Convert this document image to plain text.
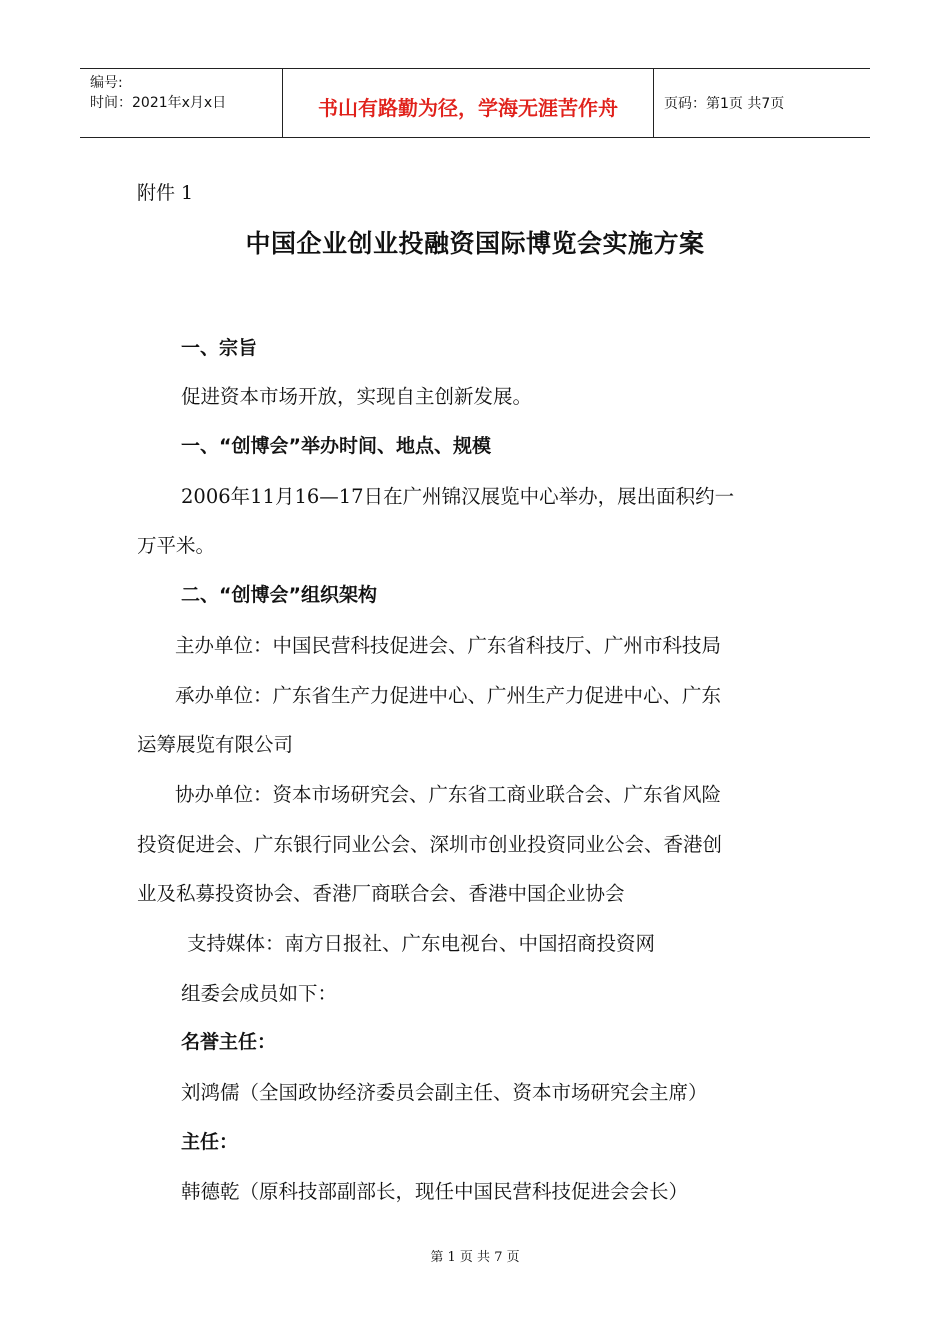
编号:
时间：2021年x月x日	书山有路勤为径，学海无涯苦作舟	页码：第1页 共7页
附件 1
中国企业创业投融资国际博览会实施方案
一、宗旨
促进资本市场开放，实现自主创新发展。
一、“创博会”举办时间、地点、规模
2006年11月16—17日在广州锦汉展览中心举办，展出面积约一
万平米。
二、“创博会”组织架构
主办单位：中国民营科技促进会、广东省科技厅、广州市科技局
承办单位：广东省生产力促进中心、广州生产力促进中心、广东
运筹展览有限公司
协办单位：资本市场研究会、广东省工商业联合会、广东省风险
投资促进会、广东银行同业公会、深圳市创业投资同业公会、香港创
业及私募投资协会、香港厂商联合会、香港中国企业协会
支持媒体：南方日报社、广东电视台、中国招商投资网
组委会成员如下：
名誉主任：
刘鸿儒（全国政协经济委员会副主任、资本市场研究会主席）
主任：
韩德乾（原科技部副部长，现任中国民营科技促进会会长）
第 1 页 共 7 页
